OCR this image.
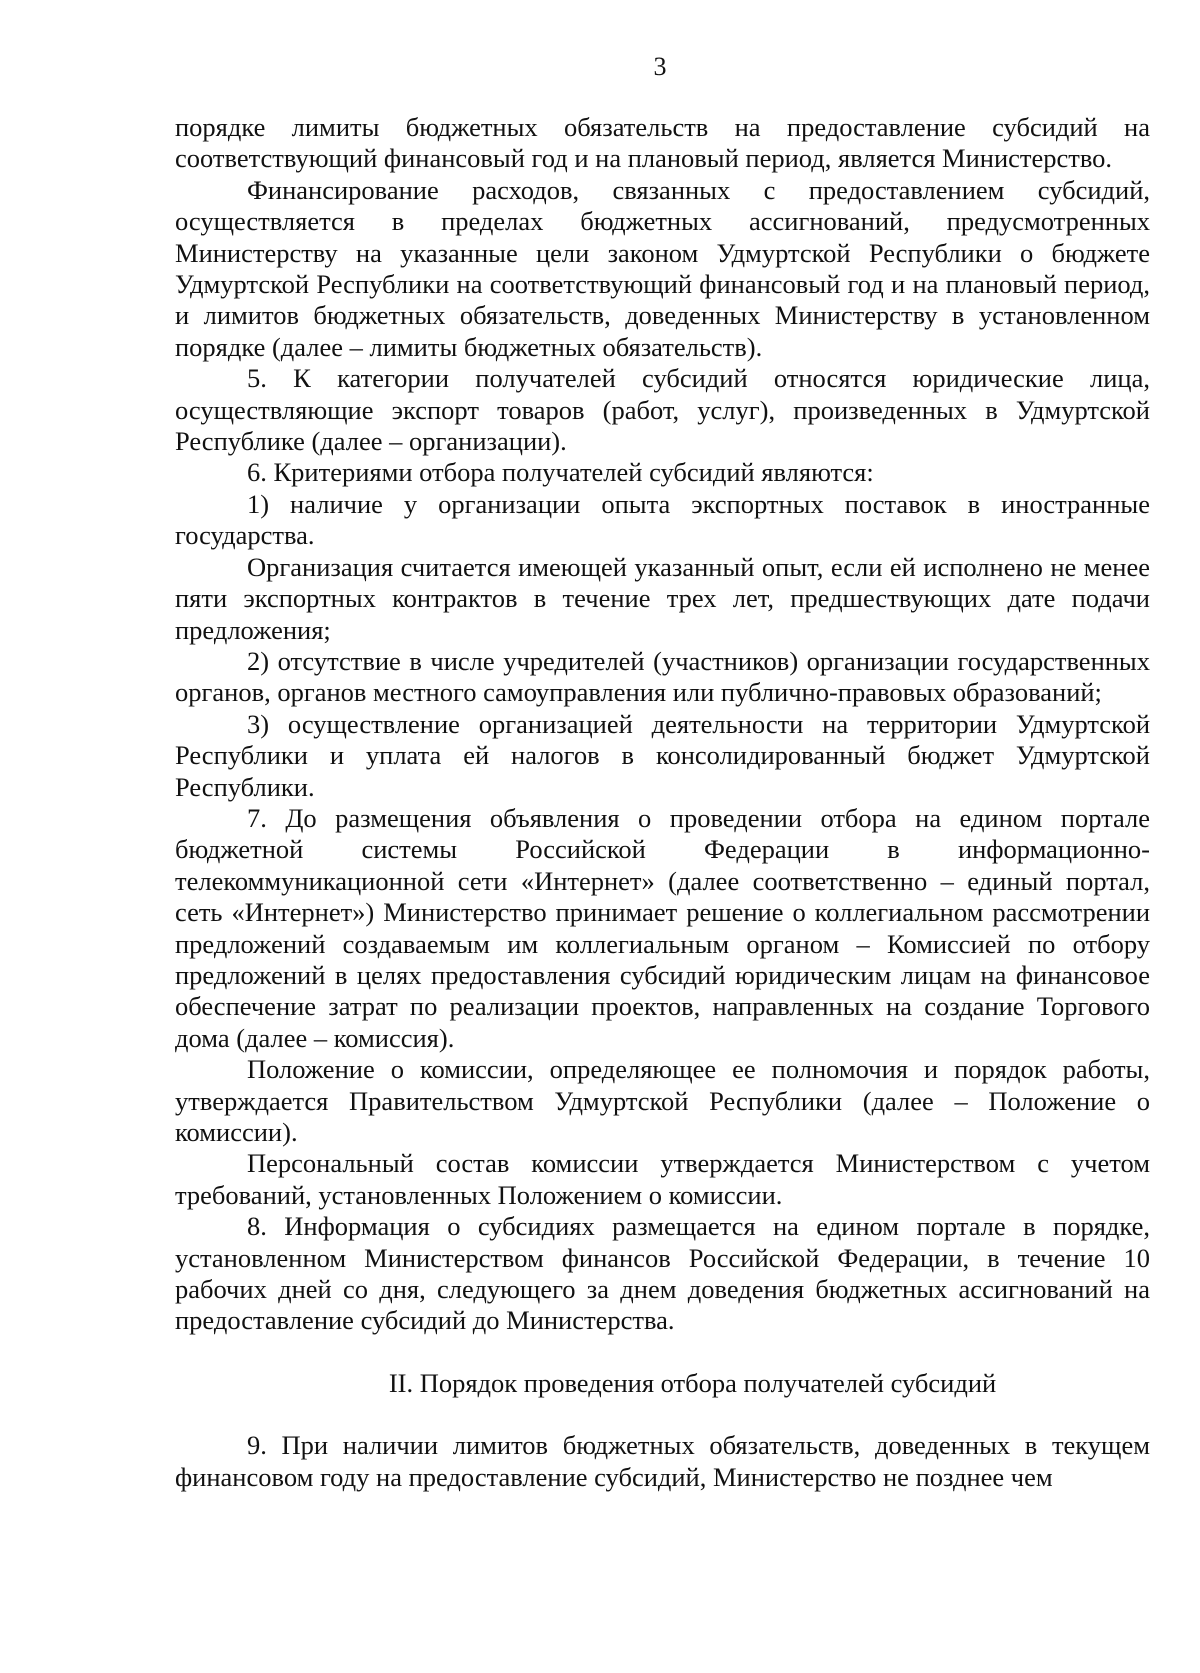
3

порядке лимиты бюджетных обязательств на предоставление субсидий на соответствующий финансовый год и на плановый период, является Министерство.

Финансирование расходов, связанных с предоставлением субсидий, осуществляется в пределах бюджетных ассигнований, предусмотренных Министерству на указанные цели законом Удмуртской Республики о бюджете Удмуртской Республики на соответствующий финансовый год и на плановый период, и лимитов бюджетных обязательств, доведенных Министерству в установленном порядке (далее – лимиты бюджетных обязательств).

5. К категории получателей субсидий относятся юридические лица, осуществляющие экспорт товаров (работ, услуг), произведенных в Удмуртской Республике (далее – организации).

6. Критериями отбора получателей субсидий являются:

1) наличие у организации опыта экспортных поставок в иностранные государства.

Организация считается имеющей указанный опыт, если ей исполнено не менее пяти экспортных контрактов в течение трех лет, предшествующих дате подачи предложения;

2) отсутствие в числе учредителей (участников) организации государственных органов, органов местного самоуправления или публично-правовых образований;

3) осуществление организацией деятельности на территории Удмуртской Республики и уплата ей налогов в консолидированный бюджет Удмуртской Республики.

7. До размещения объявления о проведении отбора на едином портале бюджетной системы Российской Федерации в информационно-телекоммуникационной сети «Интернет» (далее соответственно – единый портал, сеть «Интернет») Министерство принимает решение о коллегиальном рассмотрении предложений создаваемым им коллегиальным органом – Комиссией по отбору предложений в целях предоставления субсидий юридическим лицам на финансовое обеспечение затрат по реализации проектов, направленных на создание Торгового дома (далее – комиссия).

Положение о комиссии, определяющее ее полномочия и порядок работы, утверждается Правительством Удмуртской Республики (далее – Положение о комиссии).

Персональный состав комиссии утверждается Министерством с учетом требований, установленных Положением о комиссии.

8. Информация о субсидиях размещается на едином портале в порядке, установленном Министерством финансов Российской Федерации, в течение 10 рабочих дней со дня, следующего за днем доведения бюджетных ассигнований на предоставление субсидий до Министерства.

II. Порядок проведения отбора получателей субсидий

9. При наличии лимитов бюджетных обязательств, доведенных в текущем финансовом году на предоставление субсидий, Министерство не позднее чем
